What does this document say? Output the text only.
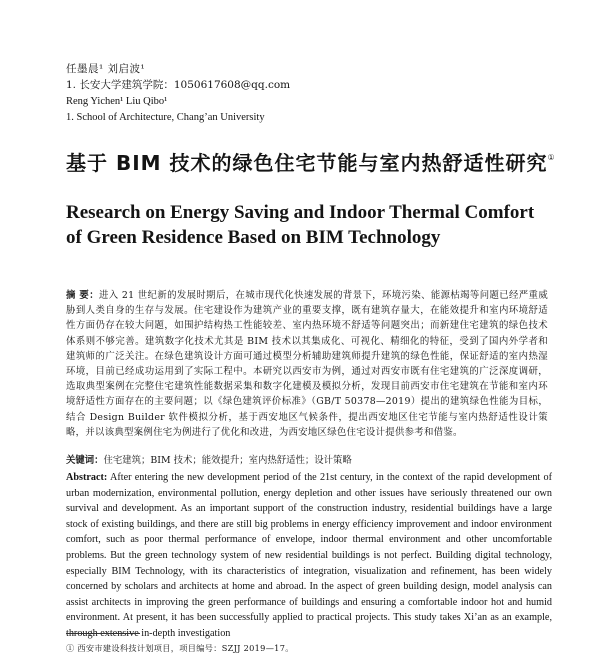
任墨晨¹ 刘启波¹
1. 长安大学建筑学院：1050617608@qq.com
Reng Yichen¹ Liu Qibo¹
1. School of Architecture, Chang’an University
基于 BIM 技术的绿色住宅节能与室内热舒适性研究①
Research on Energy Saving and Indoor Thermal Comfort of Green Residence Based on BIM Technology
摘 要：进入 21 世纪新的发展时期后，在城市现代化快速发展的背景下，环境污染、能源枯竭等问题已经严重威胁到人类自身的生存与发展。住宅建设作为建筑产业的重要支撑，既有建筑存量大，在能效提升和室内环境舒适性方面仍存在较大问题，如围护结构热工性能较差、室内热环境不舒适等问题突出；而新建住宅建筑的绿色技术体系则不够完善。建筑数字化技术尤其是 BIM 技术以其集成化、可视化、精细化的特征，受到了国内外学者和建筑师的广泛关注。在绿色建筑设计方面可通过模型分析辅助建筑师提升建筑的绿色性能，保证舒适的室内热湿环境，目前已经成功运用到了实际工程中。本研究以西安市为例，通过对西安市既有住宅建筑的广泛深度调研，选取典型案例在完整住宅建筑性能数据采集和数字化建模及模拟分析，发现目前西安市住宅建筑在节能和室内环境舒适性方面存在的主要问题；以《绿色建筑评价标准》（GB/T 50378—2019）提出的建筑绿色性能为目标，结合 Design Builder 软件模拟分析，基于西安地区气候条件，提出西安地区住宅节能与室内热舒适性设计策略，并以该典型案例住宅为例进行了优化和改进，为西安地区绿色住宅设计提供参考和借鉴。
关键词：住宅建筑；BIM 技术；能效提升；室内热舒适性；设计策略
Abstract: After entering the new development period of the 21st century, in the context of the rapid development of urban modernization, environmental pollution, energy depletion and other issues have seriously threatened our own survival and development. As an important support of the construction industry, residential buildings have a large stock of existing buildings, and there are still big problems in energy efficiency improvement and indoor environment comfort, such as poor thermal performance of envelope, indoor thermal environment and other uncomfortable problems. But the green technology system of new residential buildings is not perfect. Building digital technology, especially BIM Technology, with its characteristics of integration, visualization and refinement, has been widely concerned by scholars and architects at home and abroad. In the aspect of green building design, model analysis can assist architects in improving the green performance of buildings and ensuring a comfortable indoor hot and humid environment. At present, it has been successfully applied to practical projects. This study takes Xi’an as an example, through extensive in-depth investigation
① 西安市建设科技计划项目，项目编号：SZJJ 2019—17。
